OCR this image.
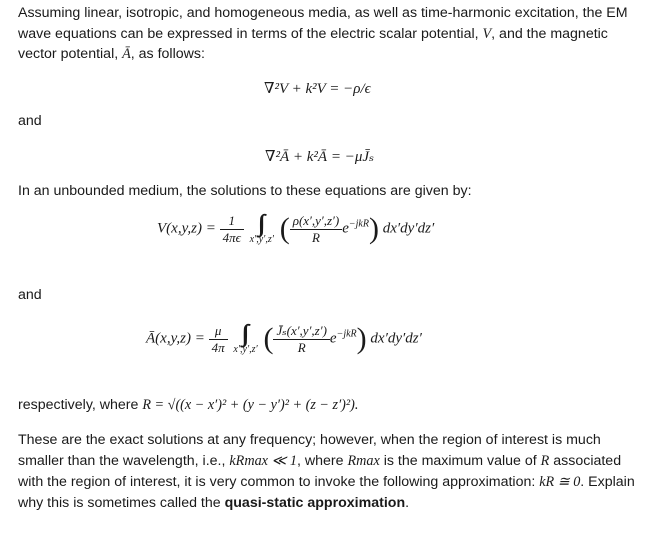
Assuming linear, isotropic, and homogeneous media, as well as time-harmonic excitation, the EM wave equations can be expressed in terms of the electric scalar potential, V, and the magnetic vector potential, Ā, as follows:
∇²V + k²V = −ρ/ϵ
and
∇²Ā + k²Ā = −μJ̄ₛ
In an unbounded medium, the solutions to these equations are given by:
$V(x,y,z) = \frac{1}{4\pi\epsilon}$
∫∫∫
x′,y′,z′ ( $\frac{\rho(x',y',z')}{R} e^{-jkR}$) dx′dy′dz′
and
Ā(x,y,z) = $\frac{\mu}{4\pi}$
∫∫∫
x′,y′,z′ ( $\frac{\text{J̄ₛ(x′,y′,z′)}}{R} e^{-jkR}$) dx′dy′dz′
respectively, where R = √((x − x′)² + (y − y′)² + (z − z′)²).
These are the exact solutions at any frequency; however, when the region of interest is much smaller than the wavelength, i.e., kRmax ≪ 1, where Rmax is the maximum value of R associated with the region of interest, it is very common to invoke the following approximation: kR ≅ 0. Explain why this is sometimes called the quasi-static approximation.
